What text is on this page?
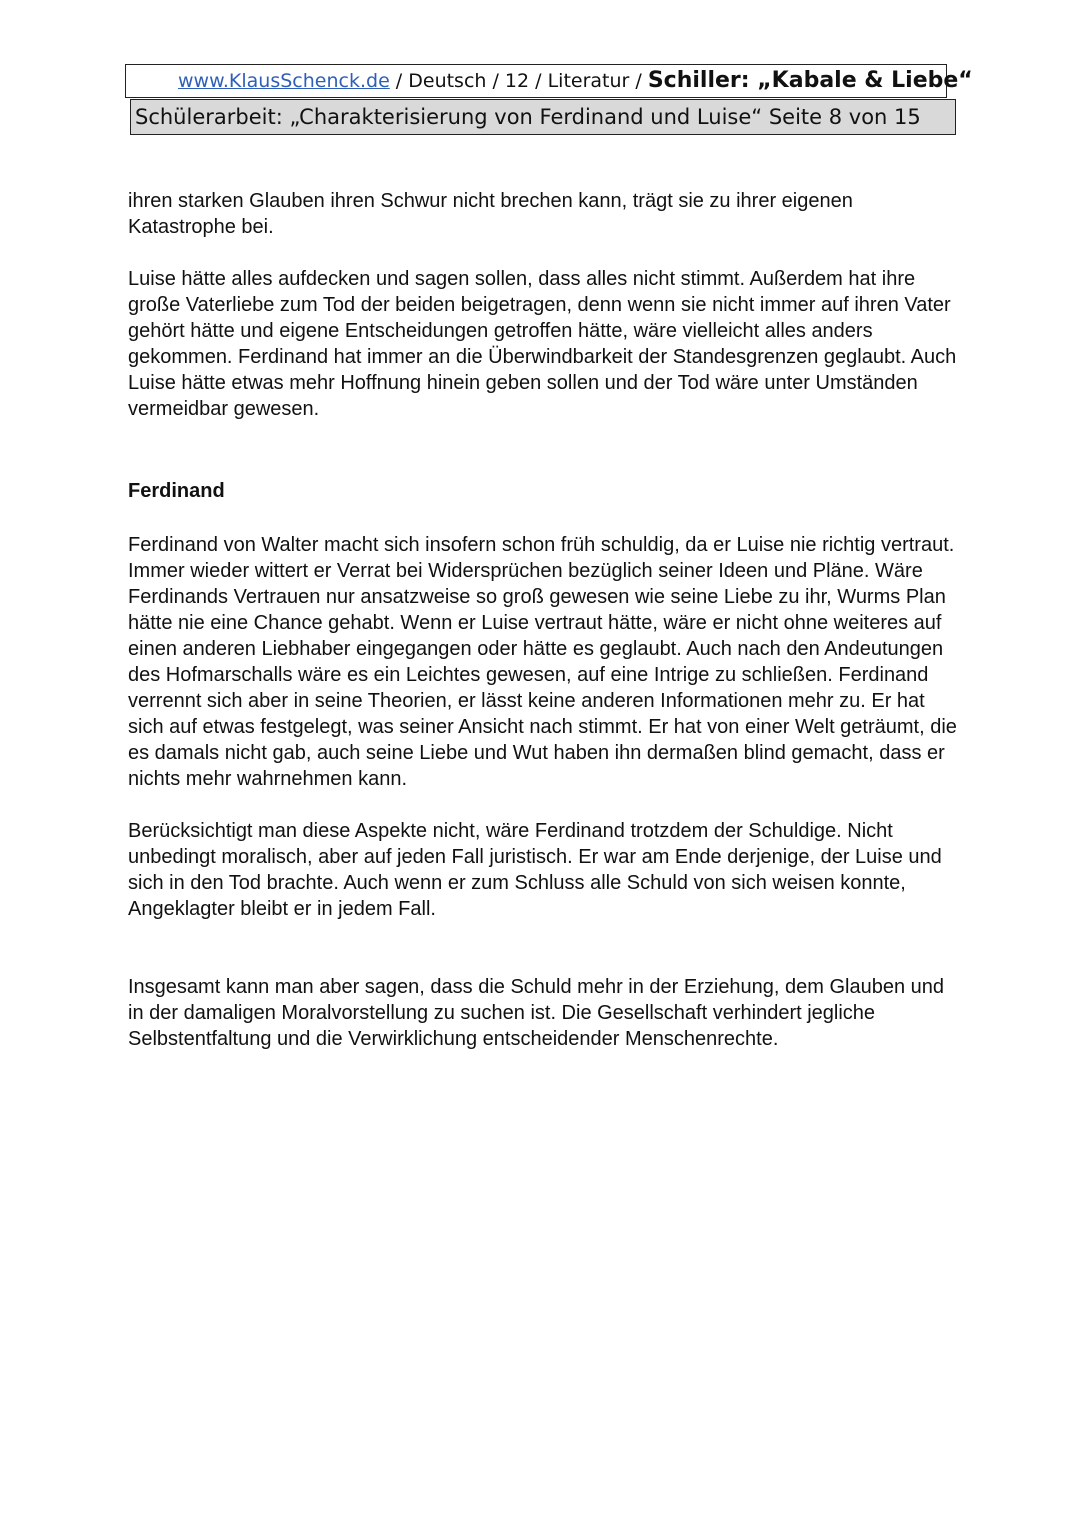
www.KlausSchenck.de / Deutsch / 12 / Literatur / Schiller: „Kabale & Liebe“
Schülerarbeit: „Charakterisierung von Ferdinand und Luise“ Seite 8 von 15

ihren starken Glauben ihren Schwur nicht brechen kann, trägt sie zu ihrer eigenen Katastrophe bei.

Luise hätte alles aufdecken und sagen sollen, dass alles nicht stimmt. Außerdem hat ihre große Vaterliebe zum Tod der beiden beigetragen, denn wenn sie nicht immer auf ihren Vater gehört hätte und eigene Entscheidungen getroffen hätte, wäre vielleicht alles anders gekommen. Ferdinand hat immer an die Überwindbarkeit der Standesgrenzen geglaubt. Auch Luise hätte etwas mehr Hoffnung hinein geben sollen und der Tod wäre unter Umständen vermeidbar gewesen.

Ferdinand

Ferdinand von Walter macht sich insofern schon früh schuldig, da er Luise nie richtig vertraut. Immer wieder wittert er Verrat bei Widersprüchen bezüglich seiner Ideen und Pläne. Wäre Ferdinands Vertrauen nur ansatzweise so groß gewesen wie seine Liebe zu ihr, Wurms Plan hätte nie eine Chance gehabt. Wenn er Luise vertraut hätte, wäre er nicht ohne weiteres auf einen anderen Liebhaber eingegangen oder hätte es geglaubt. Auch nach den Andeutungen des Hofmarschalls wäre es ein Leichtes gewesen, auf eine Intrige zu schließen. Ferdinand verrennt sich aber in seine Theorien, er lässt keine anderen Informationen mehr zu. Er hat sich auf etwas festgelegt, was seiner Ansicht nach stimmt. Er hat von einer Welt geträumt, die es damals nicht gab, auch seine Liebe und Wut haben ihn dermaßen blind gemacht, dass er nichts mehr wahrnehmen kann.

Berücksichtigt man diese Aspekte nicht, wäre Ferdinand trotzdem der Schuldige. Nicht unbedingt moralisch, aber auf jeden Fall juristisch. Er war am Ende derjenige, der Luise und sich in den Tod brachte. Auch wenn er zum Schluss alle Schuld von sich weisen konnte, Angeklagter bleibt er in jedem Fall.

Insgesamt kann man aber sagen, dass die Schuld mehr in der Erziehung, dem Glauben und in der damaligen Moralvorstellung zu suchen ist. Die Gesellschaft verhindert jegliche Selbstentfaltung und die Verwirklichung entscheidender Menschenrechte.
